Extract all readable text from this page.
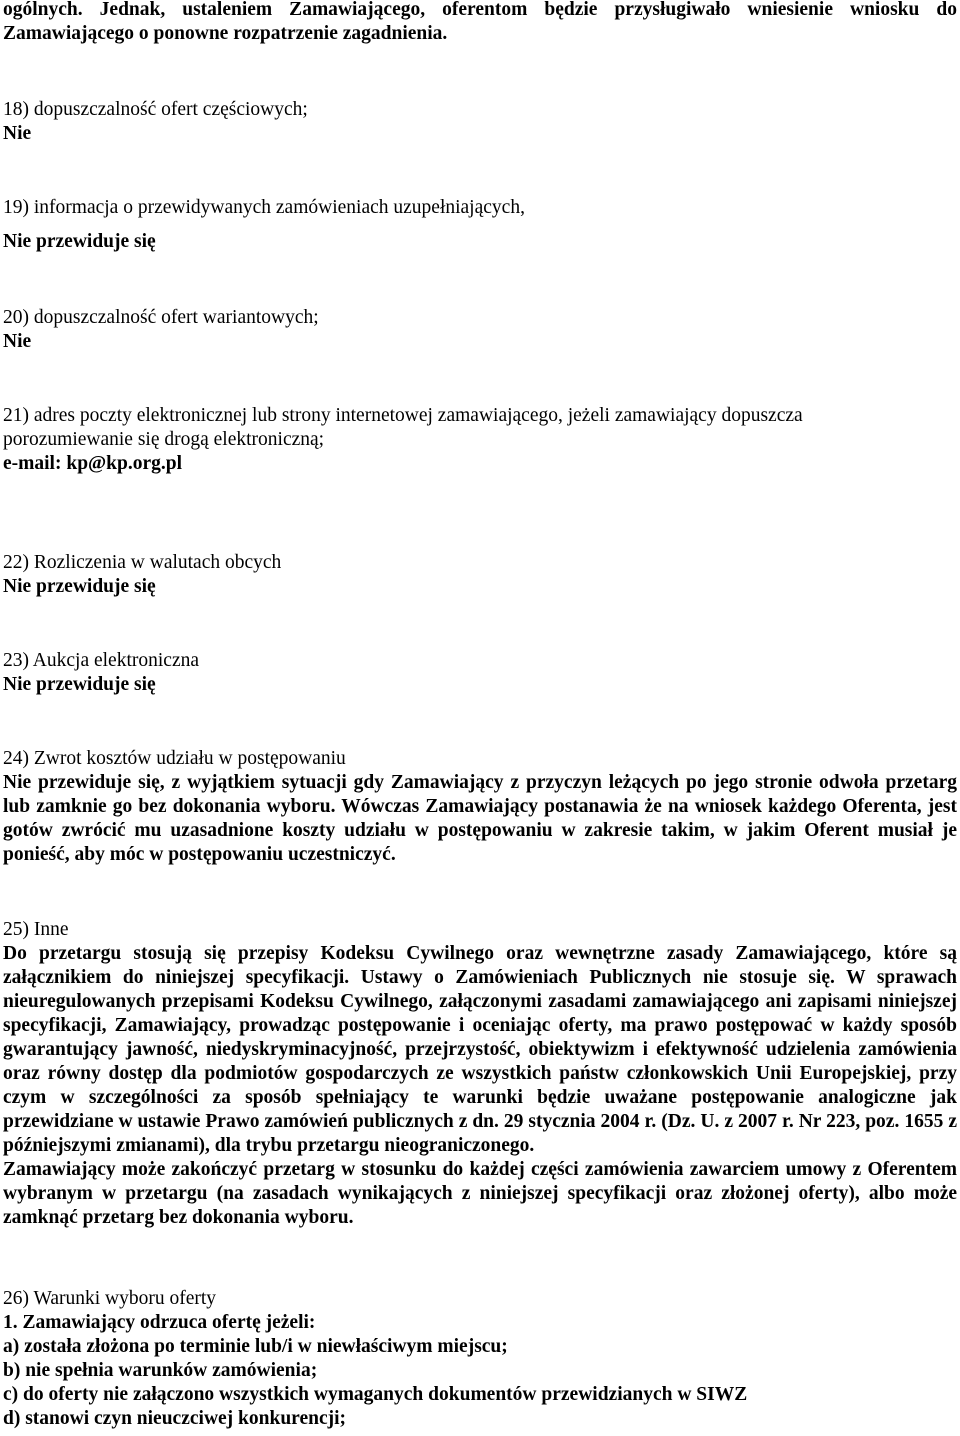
ogólnych. Jednak, ustaleniem Zamawiającego, oferentom będzie przysługiwało wniesienie wniosku do Zamawiającego o ponowne rozpatrzenie zagadnienia.

18) dopuszczalność ofert częściowych;
Nie
19) informacja o przewidywanych zamówieniach uzupełniających,
Nie przewiduje się
20) dopuszczalność ofert wariantowych;
Nie
21) adres poczty elektronicznej lub strony internetowej zamawiającego, jeżeli zamawiający dopuszcza
porozumiewanie się drogą elektroniczną;
e-mail: kp@kp.org.pl
22) Rozliczenia w walutach obcych
Nie przewiduje się
23) Aukcja elektroniczna
Nie przewiduje się
24) Zwrot kosztów udziału w postępowaniu
Nie przewiduje się, z wyjątkiem sytuacji gdy Zamawiający z przyczyn leżących po jego stronie odwoła przetarg lub zamknie go bez dokonania wyboru. Wówczas Zamawiający postanawia że na wniosek każdego Oferenta, jest gotów zwrócić mu uzasadnione koszty udziału w postępowaniu w zakresie takim, w jakim Oferent musiał je ponieść, aby móc w postępowaniu uczestniczyć.
25) Inne
Do przetargu stosują się przepisy Kodeksu Cywilnego oraz wewnętrzne zasady Zamawiającego, które są załącznikiem do niniejszej specyfikacji. Ustawy o Zamówieniach Publicznych nie stosuje się. W sprawach nieuregulowanych przepisami Kodeksu Cywilnego, załączonymi zasadami zamawiającego ani zapisami niniejszej specyfikacji, Zamawiający, prowadząc postępowanie i oceniając oferty, ma prawo postępować w każdy sposób gwarantujący jawność, niedyskryminacyjność, przejrzystość, obiektywizm i efektywność udzielenia zamówienia oraz równy dostęp dla podmiotów gospodarczych ze wszystkich państw członkowskich Unii Europejskiej, przy czym w szczególności za sposób spełniający te warunki będzie uważane postępowanie analogiczne jak przewidziane w ustawie Prawo zamówień publicznych z dn. 29 stycznia 2004 r. (Dz. U. z 2007 r. Nr 223, poz. 1655 z późniejszymi zmianami), dla trybu przetargu nieograniczonego.
Zamawiający może zakończyć przetarg w stosunku do każdej części zamówienia zawarciem umowy z Oferentem wybranym w przetargu (na zasadach wynikających z niniejszej specyfikacji oraz złożonej oferty), albo może zamknąć przetarg bez dokonania wyboru.
26) Warunki wyboru oferty
1. Zamawiający odrzuca ofertę jeżeli:
a) została złożona po terminie lub/i w niewłaściwym miejscu;
b) nie spełnia warunków zamówienia;
c) do oferty nie załączono wszystkich wymaganych dokumentów przewidzianych w SIWZ
d) stanowi czyn nieuczciwej konkurencji;
